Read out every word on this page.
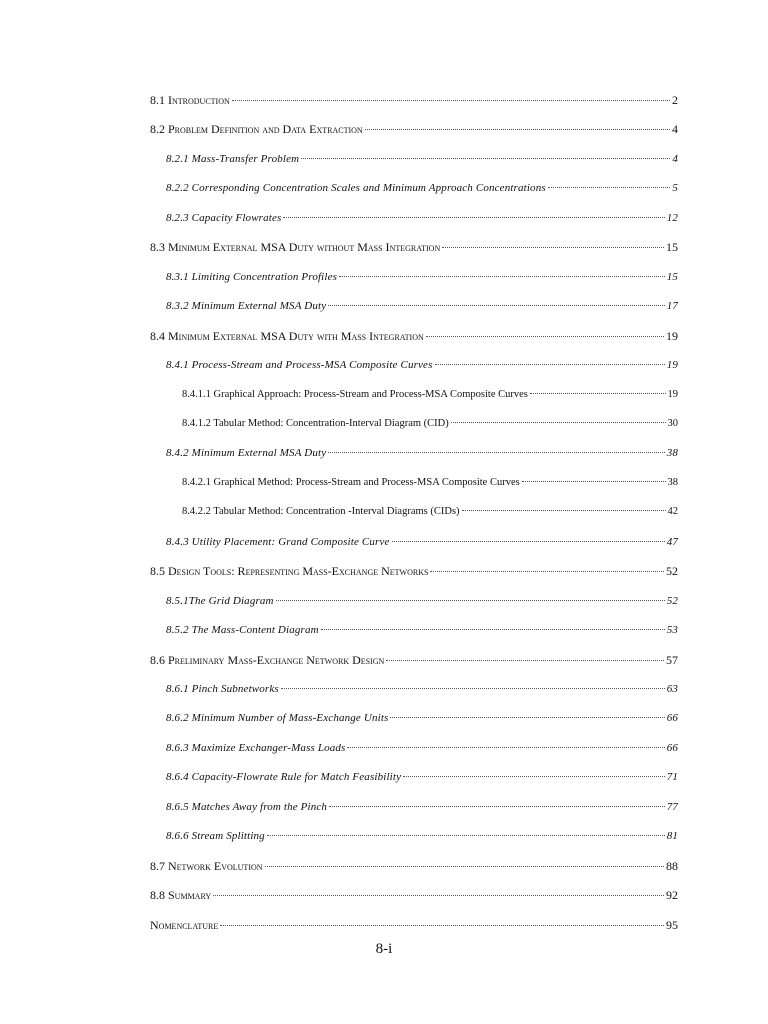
8.1 Introduction	2
8.2 Problem Definition and Data Extraction	4
8.2.1 Mass-Transfer Problem	4
8.2.2 Corresponding Concentration Scales and Minimum Approach Concentrations	5
8.2.3 Capacity Flowrates	12
8.3 Minimum External MSA Duty without Mass Integration	15
8.3.1 Limiting Concentration Profiles	15
8.3.2 Minimum External MSA Duty	17
8.4 Minimum External MSA Duty with Mass Integration	19
8.4.1 Process-Stream and Process-MSA Composite Curves	19
8.4.1.1 Graphical Approach: Process-Stream and Process-MSA Composite Curves	19
8.4.1.2 Tabular Method: Concentration-Interval Diagram (CID)	30
8.4.2 Minimum External MSA Duty	38
8.4.2.1 Graphical Method: Process-Stream and Process-MSA Composite Curves	38
8.4.2.2 Tabular Method: Concentration -Interval Diagrams (CIDs)	42
8.4.3 Utility Placement: Grand Composite Curve	47
8.5 Design Tools: Representing Mass-Exchange Networks	52
8.5.1The Grid Diagram	52
8.5.2 The Mass-Content Diagram	53
8.6 Preliminary Mass-Exchange Network Design	57
8.6.1 Pinch Subnetworks	63
8.6.2 Minimum Number of Mass-Exchange Units	66
8.6.3 Maximize Exchanger-Mass Loads	66
8.6.4 Capacity-Flowrate Rule for Match Feasibility	71
8.6.5 Matches Away from the Pinch	77
8.6.6 Stream Splitting	81
8.7 Network Evolution	88
8.8 Summary	92
Nomenclature	95
8-i
